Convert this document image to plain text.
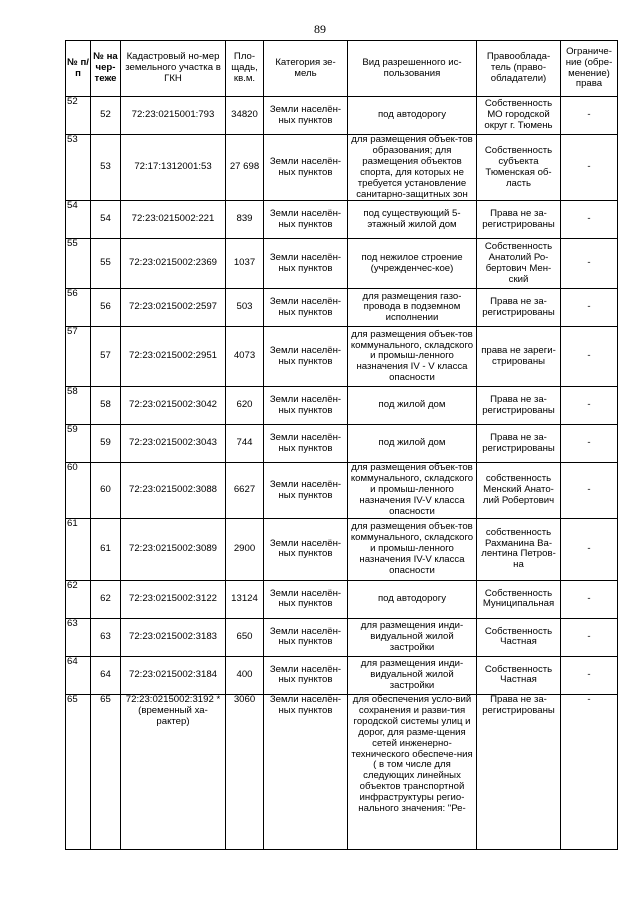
89
№ п/п	№ на чер-теже	Кадастровый но-мер земельного участка в ГКН	Пло-щадь, кв.м.	Категория зе-мель	Вид разрешенного ис-пользования	Правооблада-тель (право-обладатели)	Ограниче-ние (обре-менение) права
52	52	72:23:0215001:793	34820	Земли населён-ных пунктов	под автодорогу	Собственность МО городской округ г. Тюмень	-
53	53	72:17:1312001:53	27 698	Земли населён-ных пунктов	для размещения объек-тов образования; для размещения объектов спорта, для которых не требуется установление санитарно-защитных зон	Собственность субъекта Тюменская об-ласть	-
54	54	72:23:0215002:221	839	Земли населён-ных пунктов	под существующий 5-этажный жилой дом	Права не за-регистрированы	-
55	55	72:23:0215002:2369	1037	Земли населён-ных пунктов	под нежилое строение (учрежденчес-кое)	Собственность Анатолий Ро-бертович Мен-ский	-
56	56	72:23:0215002:2597	503	Земли населён-ных пунктов	для размещения газо-провода в подземном исполнении	Права не за-регистрированы	-
57	57	72:23:0215002:2951	4073	Земли населён-ных пунктов	для размещения объек-тов коммунального, складского и промыш-ленного назначения IV - V класса опасности	права не зареги-стрированы	-
58	58	72:23:0215002:3042	620	Земли населён-ных пунктов	под жилой дом	Права не за-регистрированы	-
59	59	72:23:0215002:3043	744	Земли населён-ных пунктов	под жилой дом	Права не за-регистрированы	-
60	60	72:23:0215002:3088	6627	Земли населён-ных пунктов	для размещения объек-тов коммунального, складского и промыш-ленного назначения IV-V класса опасности	собственность Менский Анато-лий Робертович	-
61	61	72:23:0215002:3089	2900	Земли населён-ных пунктов	для размещения объек-тов коммунального, складского и промыш-ленного назначения IV-V класса опасности	собственность Рахманина Ва-лентина Петров-на	-
62	62	72:23:0215002:3122	13124	Земли населён-ных пунктов	под автодорогу	Собственность Муниципальная	-
63	63	72:23:0215002:3183	650	Земли населён-ных пунктов	для размещения инди-видуальной жилой застройки	Собственность Частная	-
64	64	72:23:0215002:3184	400	Земли населён-ных пунктов	для размещения инди-видуальной жилой застройки	Собственность Частная	-
65	65	72:23:0215002:3192 * (временный ха-рактер)	3060	Земли населён-ных пунктов	для обеспечения усло-вий сохранения и разви-тия городской системы улиц и дорог, для разме-щения сетей инженерно-технического обеспече-ния ( в том числе для следующих линейных объектов транспортной инфраструктуры регио-нального значения: "Ре-	Права не за-регистрированы	-
